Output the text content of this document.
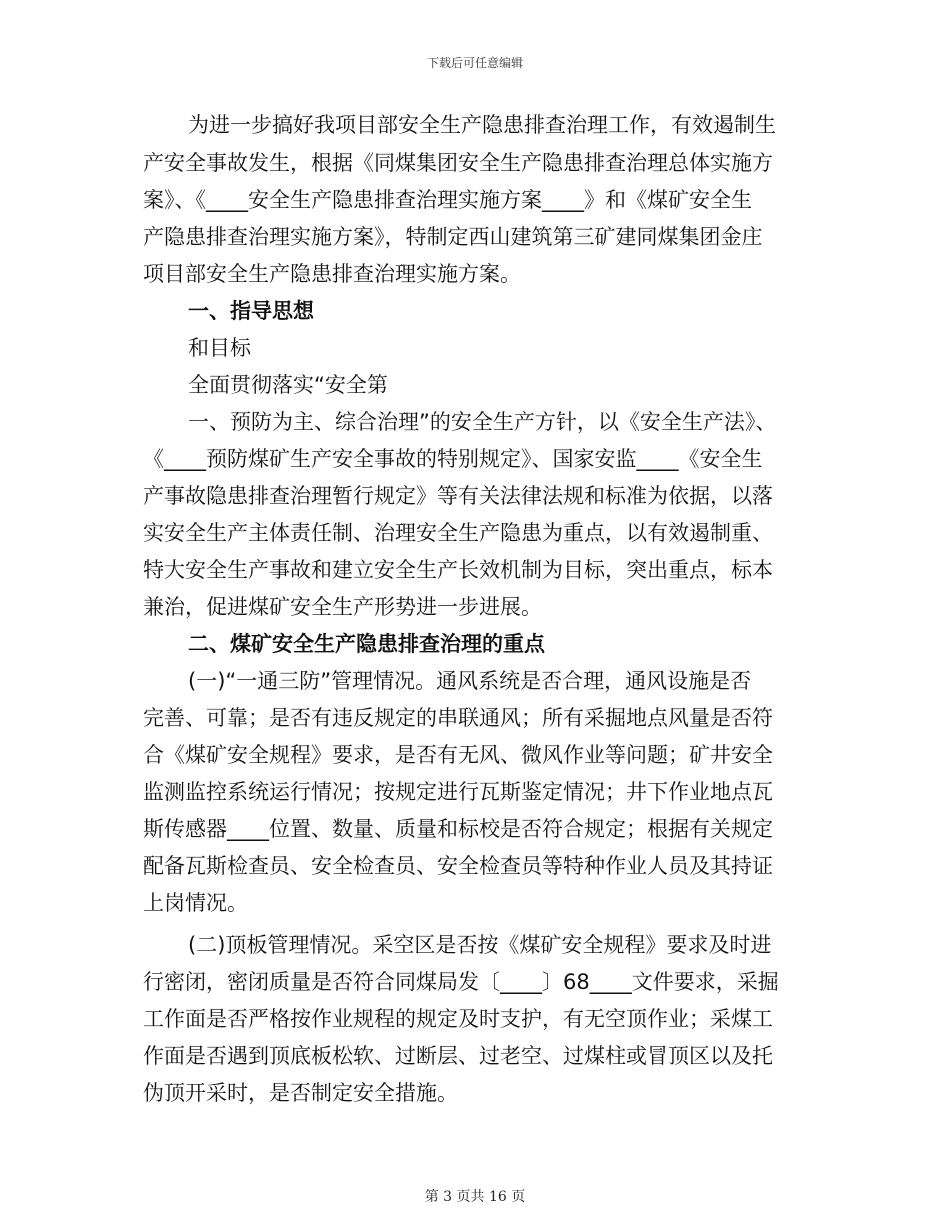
下载后可任意编辑
为进一步搞好我项目部安全生产隐患排查治理工作，有效遏制生
产安全事故发生，根据《同煤集团安全生产隐患排查治理总体实施方
案》、《____安全生产隐患排查治理实施方案____》和《煤矿安全生
产隐患排查治理实施方案》，特制定西山建筑第三矿建同煤集团金庄
项目部安全生产隐患排查治理实施方案。
一、指导思想
和目标
全面贯彻落实“安全第
一、预防为主、综合治理”的安全生产方针，以《安全生产法》、
《____预防煤矿生产安全事故的特别规定》、国家安监____《安全生
产事故隐患排查治理暂行规定》等有关法律法规和标准为依据，以落
实安全生产主体责任制、治理安全生产隐患为重点，以有效遏制重、
特大安全生产事故和建立安全生产长效机制为目标，突出重点，标本
兼治，促进煤矿安全生产形势进一步进展。
二、煤矿安全生产隐患排查治理的重点
(一)“一通三防”管理情况。通风系统是否合理，通风设施是否
完善、可靠；是否有违反规定的串联通风；所有采掘地点风量是否符
合《煤矿安全规程》要求，是否有无风、微风作业等问题；矿井安全
监测监控系统运行情况；按规定进行瓦斯鉴定情况；井下作业地点瓦
斯传感器____位置、数量、质量和标校是否符合规定；根据有关规定
配备瓦斯检查员、安全检查员、安全检查员等特种作业人员及其持证
上岗情况。
(二)顶板管理情况。采空区是否按《煤矿安全规程》要求及时进
行密闭，密闭质量是否符合同煤局发〔____〕68____文件要求，采掘
工作面是否严格按作业规程的规定及时支护，有无空顶作业；采煤工
作面是否遇到顶底板松软、过断层、过老空、过煤柱或冒顶区以及托
伪顶开采时，是否制定安全措施。
第 3 页共 16 页
